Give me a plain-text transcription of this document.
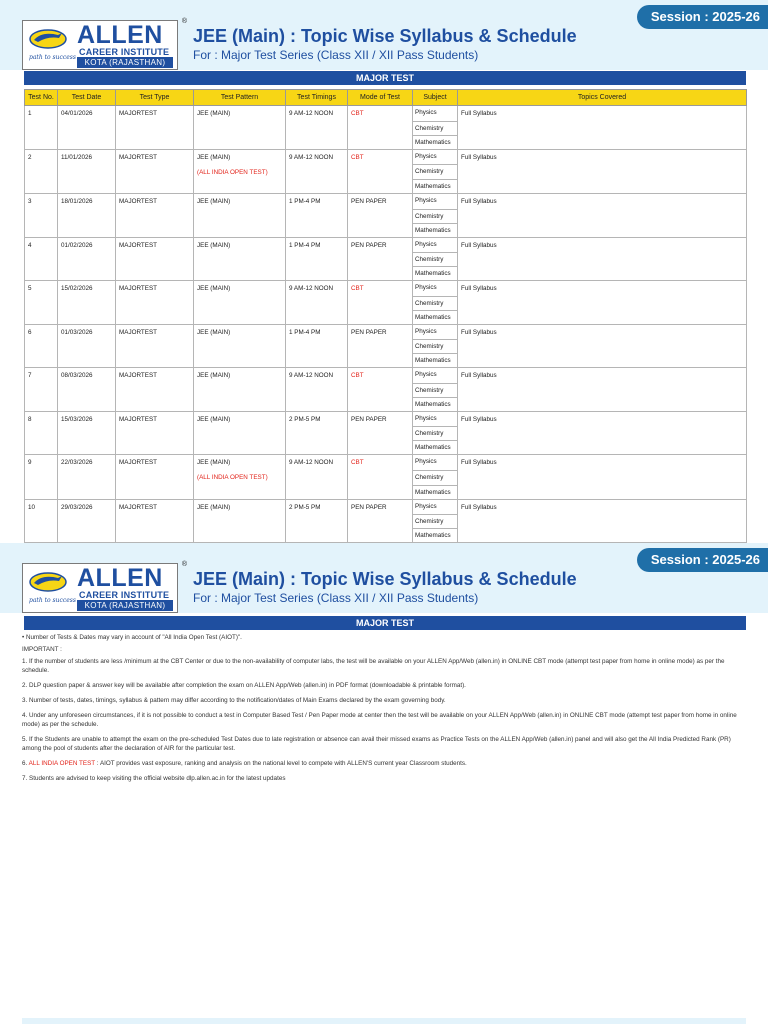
Session : 2025-26
path to success
ALLEN	®
CAREER INSTITUTE
KOTA (RAJASTHAN)
JEE (Main) : Topic Wise Syllabus & Schedule
For : Major Test Series (Class XII / XII Pass Students)
MAJOR TEST
Test No.	Test Date	Test Type	Test Pattern	Test Timings	Mode of Test	Subject	Topics Covered
1	04/01/2026	MAJORTEST	JEE (MAIN)	9 AM-12 NOON	CBT	Physics	Full Syllabus
						Chemistry	
						Mathematics	
2	11/01/2026	MAJORTEST	JEE (MAIN)	9 AM-12 NOON	CBT	Physics	Full Syllabus
			(ALL INDIA OPEN TEST)			Chemistry	
						Mathematics	
3	18/01/2026	MAJORTEST	JEE (MAIN)	1 PM-4 PM	PEN PAPER	Physics	Full Syllabus
						Chemistry	
						Mathematics	
4	01/02/2026	MAJORTEST	JEE (MAIN)	1 PM-4 PM	PEN PAPER	Physics	Full Syllabus
						Chemistry	
						Mathematics	
5	15/02/2026	MAJORTEST	JEE (MAIN)	9 AM-12 NOON	CBT	Physics	Full Syllabus
						Chemistry	
						Mathematics	
6	01/03/2026	MAJORTEST	JEE (MAIN)	1 PM-4 PM	PEN PAPER	Physics	Full Syllabus
						Chemistry	
						Mathematics	
7	08/03/2026	MAJORTEST	JEE (MAIN)	9 AM-12 NOON	CBT	Physics	Full Syllabus
						Chemistry	
						Mathematics	
8	15/03/2026	MAJORTEST	JEE (MAIN)	2 PM-5 PM	PEN PAPER	Physics	Full Syllabus
						Chemistry	
						Mathematics	
9	22/03/2026	MAJORTEST	JEE (MAIN)	9 AM-12 NOON	CBT	Physics	Full Syllabus
			(ALL INDIA OPEN TEST)			Chemistry	
						Mathematics	
10	29/03/2026	MAJORTEST	JEE (MAIN)	2 PM-5 PM	PEN PAPER	Physics	Full Syllabus
						Chemistry	
						Mathematics	
Session : 2025-26
path to success
ALLEN	®
CAREER INSTITUTE
KOTA (RAJASTHAN)
JEE (Main) : Topic Wise Syllabus & Schedule
For : Major Test Series (Class XII / XII Pass Students)
MAJOR TEST

• Number of Tests & Dates may vary in account of "All India Open Test (AIOT)".

IMPORTANT :

1. If the number of students are less /minimum at the CBT Center or due to the non-availability of computer labs, the test will be available on your ALLEN App/Web (allen.in) in ONLINE CBT mode (attempt test paper from home in online mode) as per the schedule.

2. DLP question paper & answer key will be available after completion the exam on ALLEN App/Web (allen.in) in PDF format (downloadable & printable format).

3. Number of tests, dates, timings, syllabus & pattern may differ according to the notification/dates of Main Exams declared by the exam governing body.

4. Under any unforeseen circumstances, if it is not possible to conduct a test in Computer Based Test / Pen Paper mode at center then the test will be available on your ALLEN App/Web (allen.in) in ONLINE CBT mode (attempt test paper from home in online mode) as per the schedule.

5. If the Students are unable to attempt the exam on the pre-scheduled Test Dates due to late registration or absence can avail their missed exams as Practice Tests on the ALLEN App/Web (allen.in) panel and will also get the All India Predicted Rank (PR) among the pool of students after the declaration of AIR for the particular test.

6. ALL INDIA OPEN TEST : AIOT provides vast exposure, ranking and analysis on the national level to compete with ALLEN'S current year Classroom students.

7. Students are advised to keep visiting the official website dlp.allen.ac.in for the latest updates
